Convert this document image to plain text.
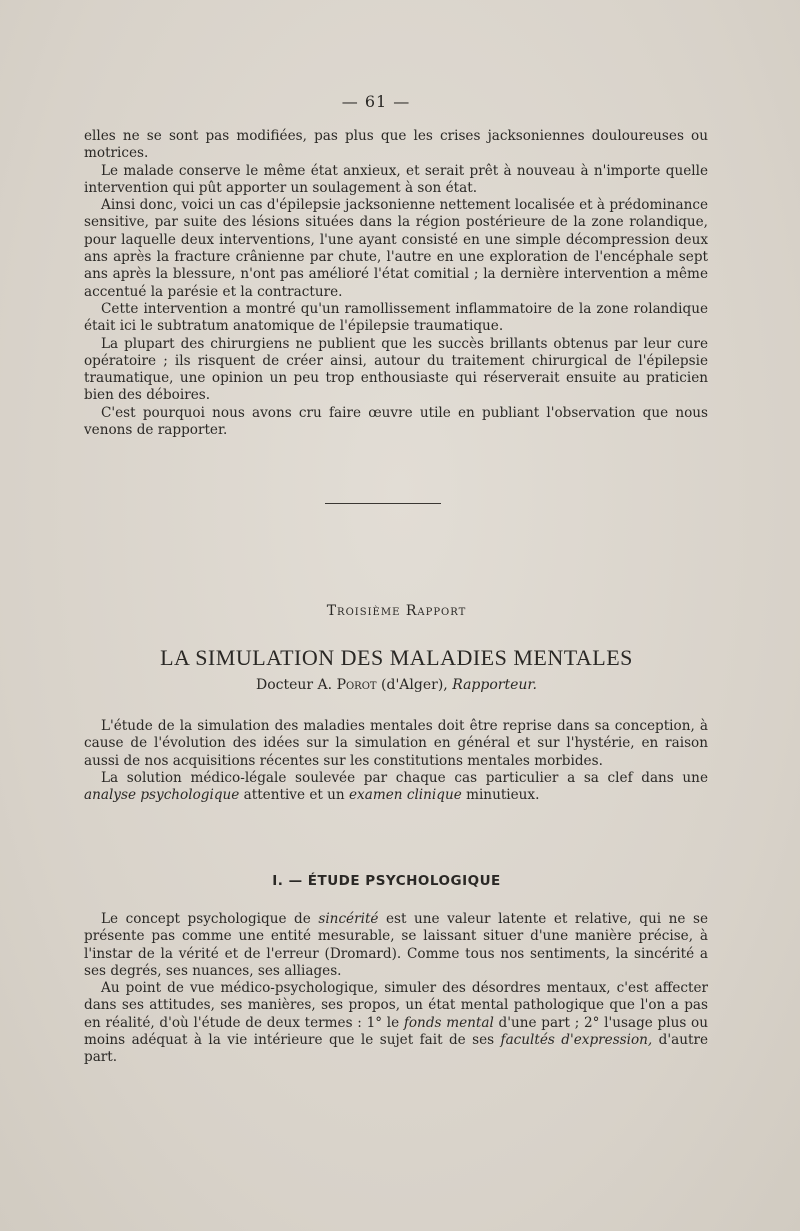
— 61 —

elles ne se sont pas modifiées, pas plus que les crises jacksoniennes douloureuses ou motrices.

Le malade conserve le même état anxieux, et serait prêt à nouveau à n'importe quelle intervention qui pût apporter un soulagement à son état.

Ainsi donc, voici un cas d'épilepsie jacksonienne nettement localisée et à prédominance sensitive, par suite des lésions situées dans la région postérieure de la zone rolandique, pour laquelle deux interventions, l'une ayant consisté en une simple décompression deux ans après la fracture crânienne par chute, l'autre en une exploration de l'encéphale sept ans après la blessure, n'ont pas amélioré l'état comitial ; la dernière intervention a même accentué la parésie et la contracture.

Cette intervention a montré qu'un ramollissement inflammatoire de la zone rolandique était ici le subtratum anatomique de l'épilepsie traumatique.

La plupart des chirurgiens ne publient que les succès brillants obtenus par leur cure opératoire ; ils risquent de créer ainsi, autour du traitement chirurgical de l'épilepsie traumatique, une opinion un peu trop enthousiaste qui réserverait ensuite au praticien bien des déboires.

C'est pourquoi nous avons cru faire œuvre utile en publiant l'observation que nous venons de rapporter.

Troisième Rapport
LA SIMULATION DES MALADIES MENTALES
Docteur A. Porot (d'Alger), Rapporteur.

L'étude de la simulation des maladies mentales doit être reprise dans sa conception, à cause de l'évolution des idées sur la simulation en général et sur l'hystérie, en raison aussi de nos acquisitions récentes sur les constitutions mentales morbides.

La solution médico-légale soulevée par chaque cas particulier a sa clef dans une analyse psychologique attentive et un examen clinique minutieux.

I. — ÉTUDE PSYCHOLOGIQUE

Le concept psychologique de sincérité est une valeur latente et relative, qui ne se présente pas comme une entité mesurable, se laissant situer d'une manière précise, à l'instar de la vérité et de l'erreur (Dromard). Comme tous nos sentiments, la sincérité a ses degrés, ses nuances, ses alliages.

Au point de vue médico-psychologique, simuler des désordres mentaux, c'est affecter dans ses attitudes, ses manières, ses propos, un état mental pathologique que l'on a pas en réalité, d'où l'étude de deux termes : 1° le fonds mental d'une part ; 2° l'usage plus ou moins adéquat à la vie intérieure que le sujet fait de ses facultés d'expression, d'autre part.
